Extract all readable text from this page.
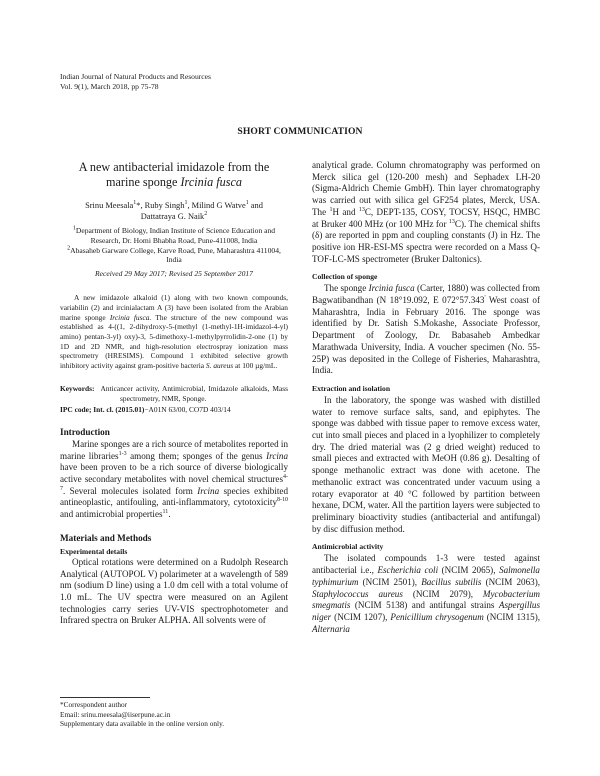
Indian Journal of Natural Products and Resources
Vol. 9(1), March 2018, pp 75-78
SHORT COMMUNICATION
A new antibacterial imidazole from the
marine sponge Ircinia fusca
Srinu Meesala$^1$*, Ruby Singh$^1$, Milind G Watve$^1$ and
Dattatraya G. Naik$^2$
$^1$Department of Biology, Indian Institute of Science Education and Research, Dr. Homi Bhabha Road, Pune-411008, India
$^2$Abasaheb Garware College, Karve Road, Pune, Maharashtra 411004, India
Received 29 May 2017; Revised 25 September 2017
A new imidazole alkaloid (1) along with two known compounds, variabilin (2) and ircinialactam A (3) have been isolated from the Arabian marine sponge Ircinia fusca. The structure of the new compound was established as 4-((1, 2-dihydroxy-5-(methyl (1-methyl-1H-imidazol-4-yl) amino) pentan-3-yl) oxy)-3, 5-dimethoxy-1-methylpyrrolidin-2-one (1) by 1D and 2D NMR, and high-resolution electrospray ionization mass spectrometry (HRESIMS). Compound 1 exhibited selective growth inhibitory activity against gram-positive bacteria S. aureus at 100 µg/mL.
Keywords: Anticancer activity, Antimicrobial, Imidazole alkaloids, Mass spectrometry, NMR, Sponge.
IPC code; Int. cl. (2015.01)−A01N 63/00, CO7D 403/14
Introduction

Marine sponges are a rich source of metabolites reported in marine libraries$^{1-3}$ among them; sponges of the genus Ircina have been proven to be a rich source of diverse biologically active secondary metabolites with novel chemical structures$^{4-7}$. Several molecules isolated form Ircina species exhibited antineoplastic, antifouling, anti-inflammatory, cytotoxicity$^{8-10}$ and antimicrobial properties$^{11}$.

Materials and Methods
Experimental details

Optical rotations were determined on a Rudolph Research Analytical (AUTOPOL V) polarimeter at a wavelength of 589 nm (sodium D line) using a 1.0 dm cell with a total volume of 1.0 mL. The UV spectra were measured on an Agilent technologies carry series UV-VIS spectrophotometer and Infrared spectra on Bruker ALPHA. All solvents were of

*Correspondent author
Email: srinu.meesala@iiserpune.ac.in
Supplementary data available in the online version only.

analytical grade. Column chromatography was performed on Merck silica gel (120-200 mesh) and Sephadex LH-20 (Sigma-Aldrich Chemie GmbH). Thin layer chromatography was carried out with silica gel GF254 plates, Merck, USA. The $^1$H and $^{13}$C, DEPT-135, COSY, TOCSY, HSQC, HMBC at Bruker 400 MHz (or 100 MHz for $^{13}$C). The chemical shifts (δ) are reported in ppm and coupling constants (J) in Hz. The positive ion HR-ESI-MS spectra were recorded on a Mass Q-TOF-LC-MS spectrometer (Bruker Daltonics).

Collection of sponge

The sponge Ircinia fusca (Carter, 1880) was collected from Bagwatibandhan (N 18°19.092, E 072°57.343' West coast of Maharashtra, India in February 2016. The sponge was identified by Dr. Satish S.Mokashe, Associate Professor, Department of Zoology, Dr. Babasaheb Ambedkar Marathwada University, India. A voucher specimen (No. 55-25P) was deposited in the College of Fisheries, Maharashtra, India.

Extraction and isolation

In the laboratory, the sponge was washed with distilled water to remove surface salts, sand, and epiphytes. The sponge was dabbed with tissue paper to remove excess water, cut into small pieces and placed in a lyophilizer to completely dry. The dried material was (2 g dried weight) reduced to small pieces and extracted with MeOH (0.86 g). Desalting of sponge methanolic extract was done with acetone. The methanolic extract was concentrated under vacuum using a rotary evaporator at 40 °C followed by partition between hexane, DCM, water. All the partition layers were subjected to preliminary bioactivity studies (antibacterial and antifungal) by disc diffusion method.

Antimicrobial activity

The isolated compounds 1-3 were tested against antibacterial i.e., Escherichia coli (NCIM 2065), Salmonella typhimurium (NCIM 2501), Bacillus subtilis (NCIM 2063), Staphylococcus aureus (NCIM 2079), Mycobacterium smegmatis (NCIM 5138) and antifungal strains Aspergillus niger (NCIM 1207), Penicillium chrysogenum (NCIM 1315), Alternaria
